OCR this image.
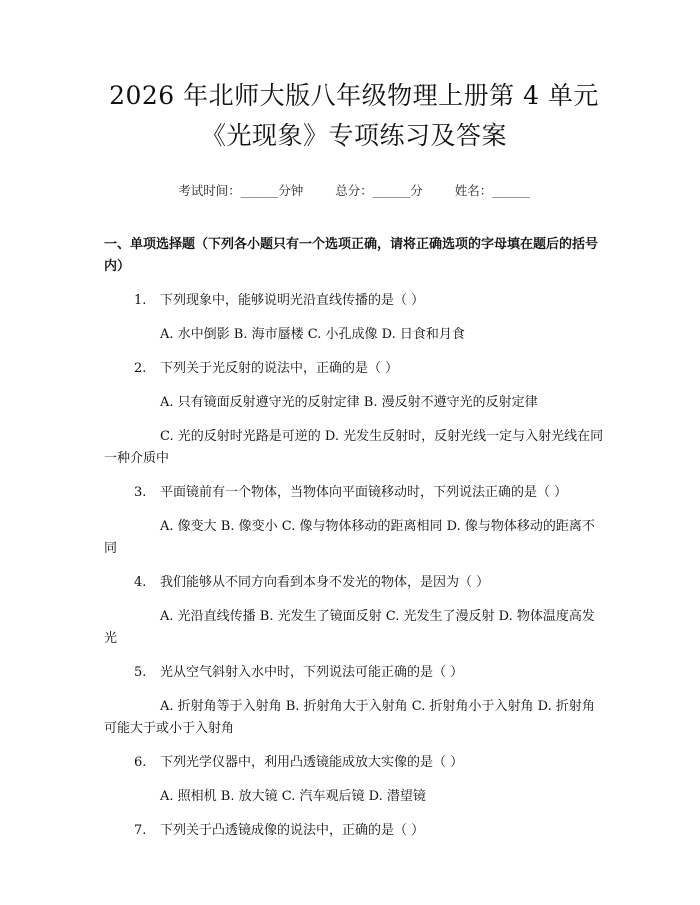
2026 年北师大版八年级物理上册第 4 单元
《光现象》专项练习及答案
考试时间：______分钟	总分：______分	姓名：______
一、单项选择题（下列各小题只有一个选项正确，请将正确选项的字母填在题后的括号内）
1. 下列现象中，能够说明光沿直线传播的是（ ）
A. 水中倒影 B. 海市蜃楼 C. 小孔成像 D. 日食和月食
2. 下列关于光反射的说法中，正确的是（ ）
A. 只有镜面反射遵守光的反射定律 B. 漫反射不遵守光的反射定律
C. 光的反射时光路是可逆的 D. 光发生反射时，反射光线一定与入射光线在同一种介质中
3. 平面镜前有一个物体，当物体向平面镜移动时，下列说法正确的是（ ）
A. 像变大 B. 像变小 C. 像与物体移动的距离相同 D. 像与物体移动的距离不同
4. 我们能够从不同方向看到本身不发光的物体，是因为（ ）
A. 光沿直线传播 B. 光发生了镜面反射 C. 光发生了漫反射 D. 物体温度高发光
5. 光从空气斜射入水中时，下列说法可能正确的是（ ）
A. 折射角等于入射角 B. 折射角大于入射角 C. 折射角小于入射角 D. 折射角可能大于或小于入射角
6. 下列光学仪器中，利用凸透镜能成放大实像的是（ ）
A. 照相机 B. 放大镜 C. 汽车观后镜 D. 潜望镜
7. 下列关于凸透镜成像的说法中，正确的是（ ）
